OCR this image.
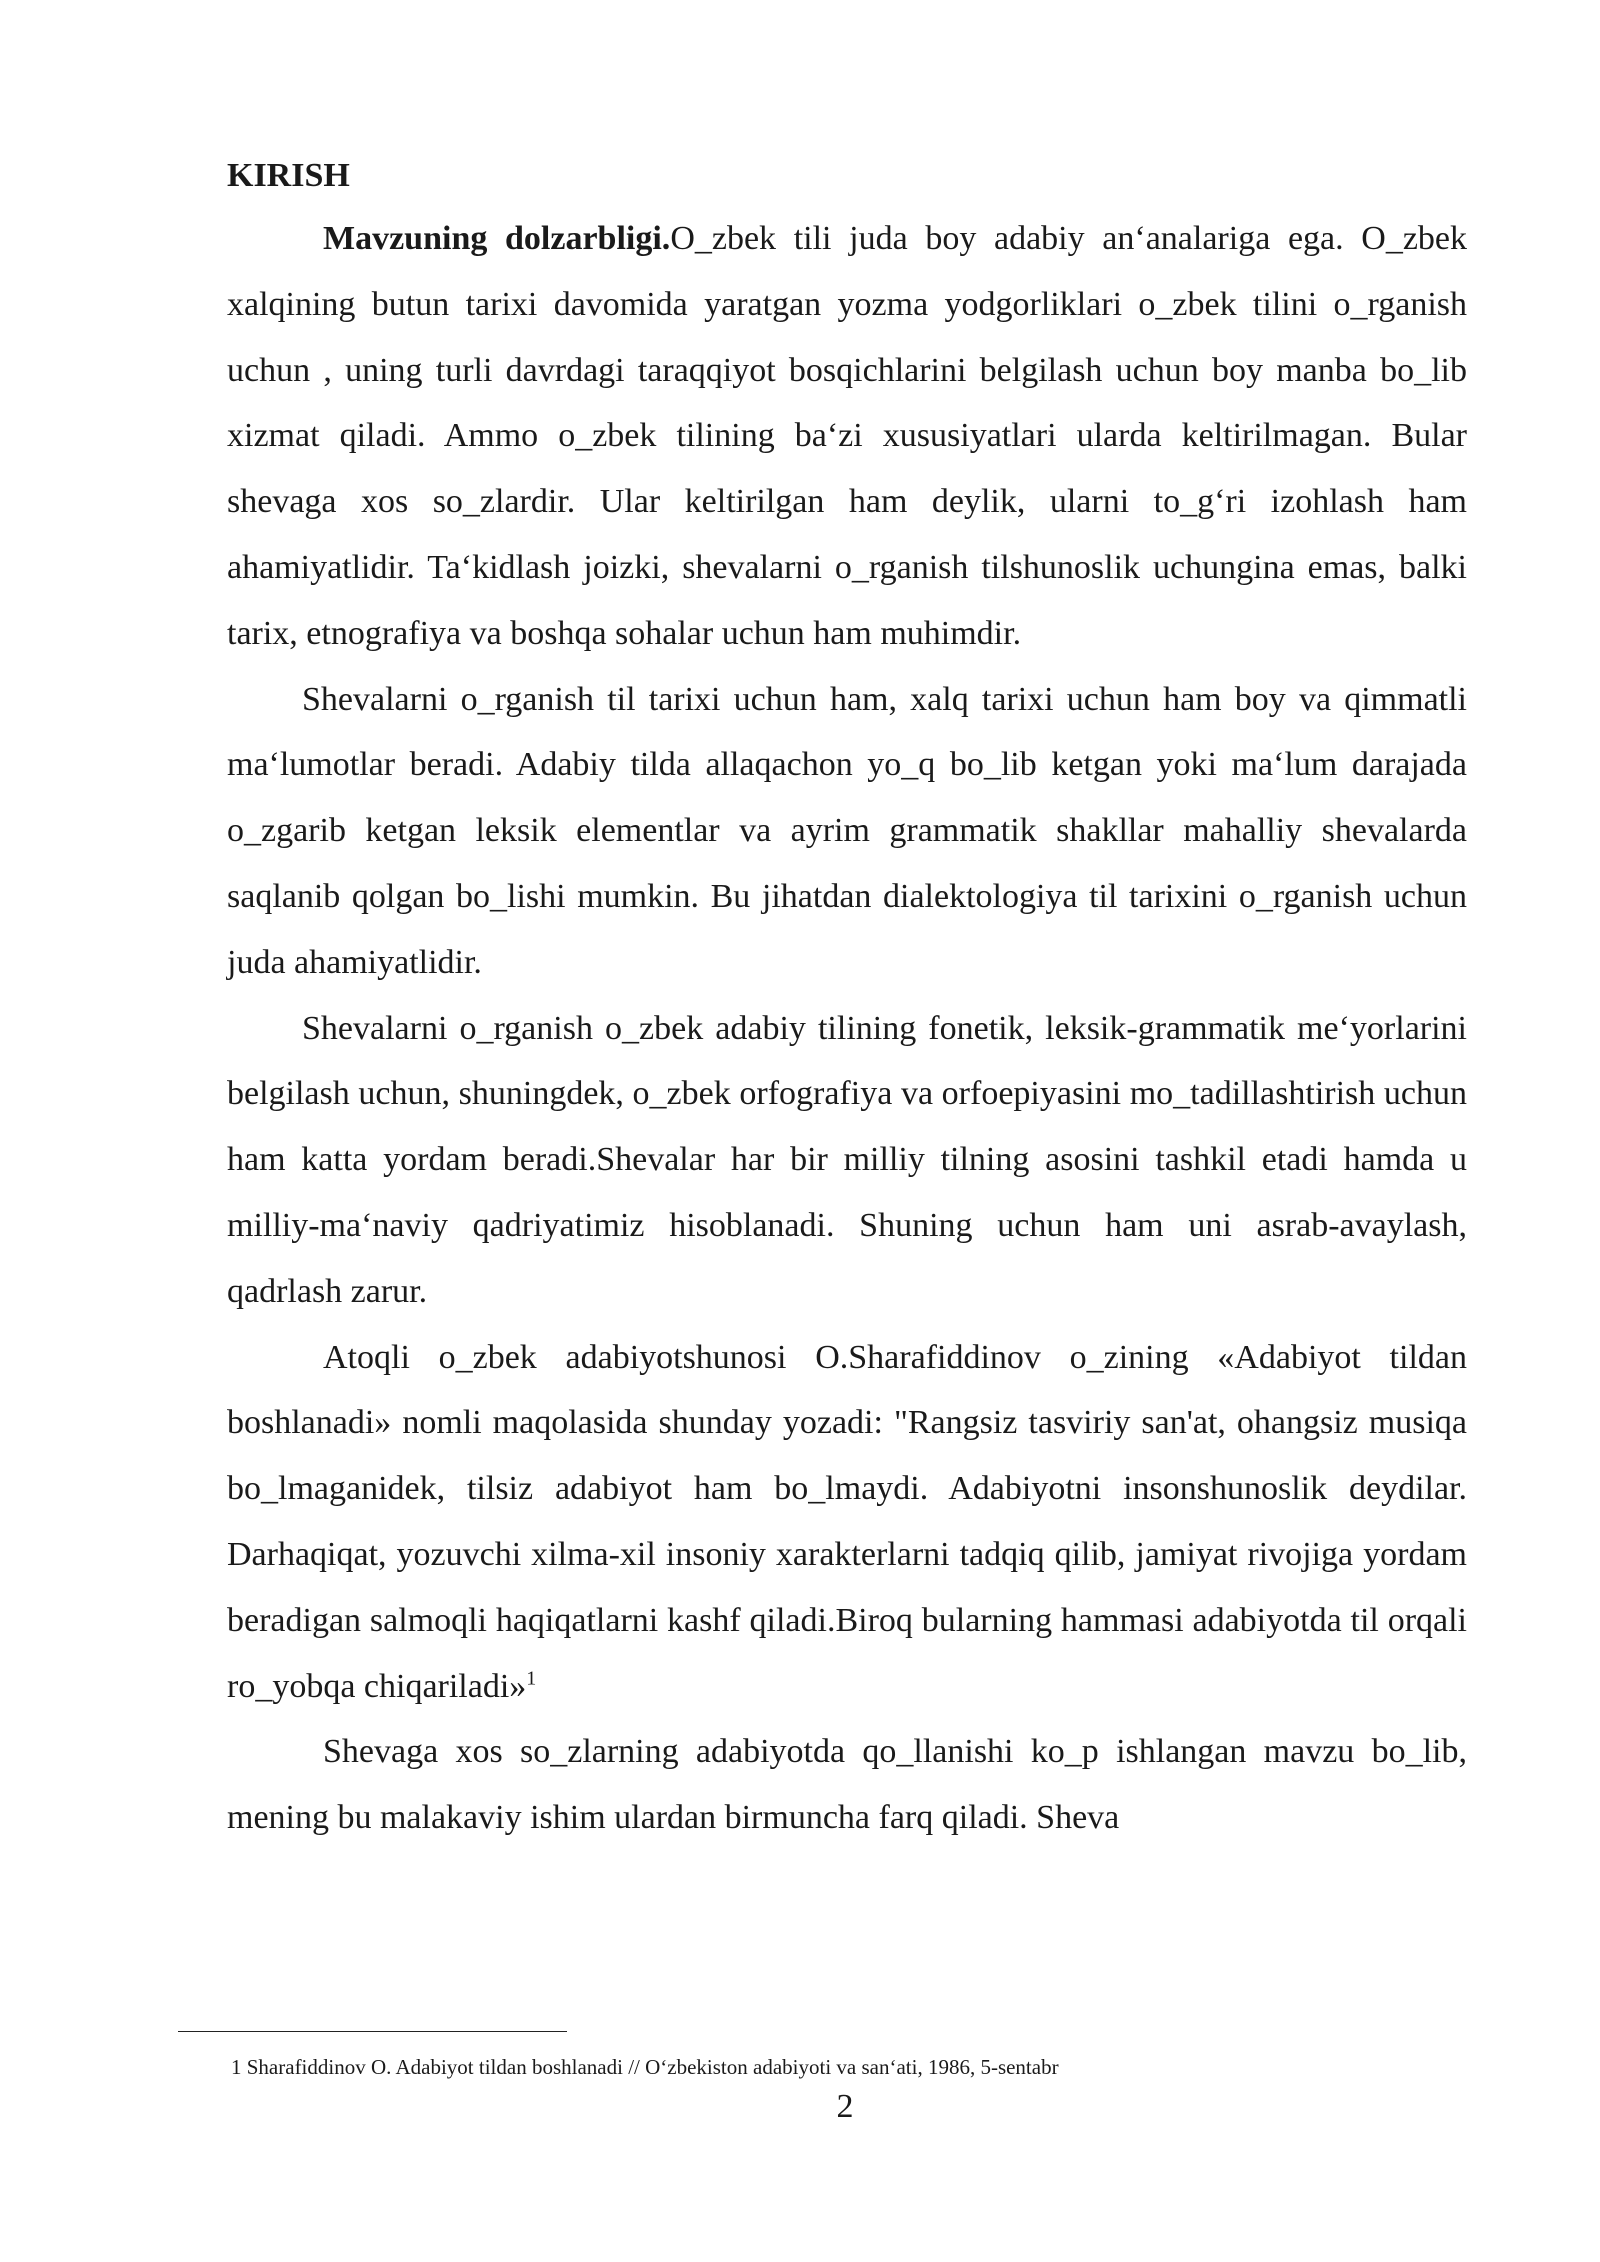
KIRISH

Mavzuning dolzarbligi.O_zbek tili juda boy adabiy an‘analariga ega. O_zbek xalqining butun tarixi davomida yaratgan yozma yodgorliklari o_zbek tilini o_rganish uchun , uning turli davrdagi taraqqiyot bosqichlarini belgilash uchun boy manba bo_lib xizmat qiladi. Ammo o_zbek tilining ba‘zi xususiyatlari ularda keltirilmagan. Bular shevaga xos so_zlardir. Ular keltirilgan ham deylik, ularni to_g‘ri izohlash ham ahamiyatlidir. Ta‘kidlash joizki, shevalarni o_rganish tilshunoslik uchungina emas, balki tarix, etnografiya va boshqa sohalar uchun ham muhimdir.

Shevalarni o_rganish til tarixi uchun ham, xalq tarixi uchun ham boy va qimmatli ma‘lumotlar beradi. Adabiy tilda allaqachon yo_q bo_lib ketgan yoki ma‘lum darajada o_zgarib ketgan leksik elementlar va ayrim grammatik shakllar mahalliy shevalarda saqlanib qolgan bo_lishi mumkin. Bu jihatdan dialektologiya til tarixini o_rganish uchun juda ahamiyatlidir.

Shevalarni o_rganish o_zbek adabiy tilining fonetik, leksik-grammatik me‘yorlarini belgilash uchun, shuningdek, o_zbek orfografiya va orfoepiyasini mo_tadillashtirish uchun ham katta yordam beradi.Shevalar har bir milliy tilning asosini tashkil etadi hamda u milliy-ma‘naviy qadriyatimiz hisoblanadi. Shuning uchun ham uni asrab-avaylash, qadrlash zarur.

Atoqli o_zbek adabiyotshunosi O.Sharafiddinov o_zining «Adabiyot tildan boshlanadi» nomli maqolasida shunday yozadi: "Rangsiz tasviriy san'at, ohangsiz musiqa bo_lmaganidek, tilsiz adabiyot ham bo_lmaydi. Adabiyotni insonshunoslik deydilar. Darhaqiqat, yozuvchi xilma-xil insoniy xarakterlarni tadqiq qilib, jamiyat rivojiga yordam beradigan salmoqli haqiqatlarni kashf qiladi.Biroq bularning hammasi adabiyotda til orqali ro_yobqa chiqariladi»$^1$

Shevaga xos so_zlarning adabiyotda qo_llanishi ko_p ishlangan mavzu bo_lib, mening bu malakaviy ishim ulardan birmuncha farq qiladi. Sheva

1 Sharafiddinov O. Adabiyot tildan boshlanadi // O‘zbekiston adabiyoti va san‘ati, 1986, 5-sentabr

2
